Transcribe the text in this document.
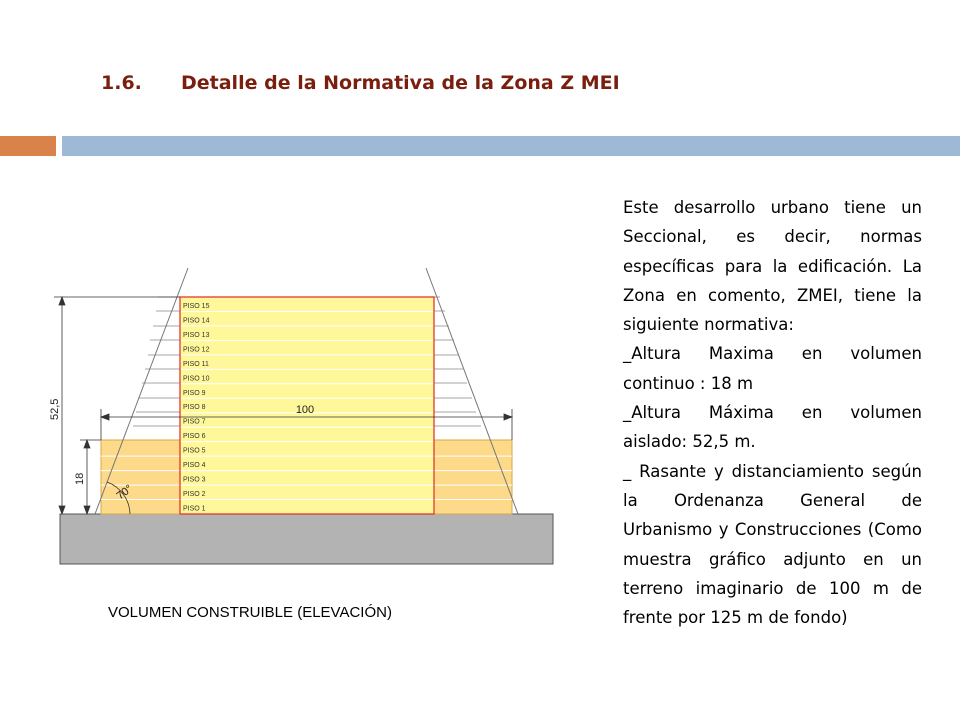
1.6. Detalle de la Normativa de la Zona Z MEI
PISO 15
PISO 14
PISO 13
PISO 12
PISO 11
PISO 10
PISO 9
PISO 8
PISO 7
PISO 6
PISO 5
PISO 4
PISO 3
PISO 2
PISO 1
52,5
18
100
70°
VOLUMEN CONSTRUIBLE (ELEVACIÓN)

Este desarrollo urbano tiene un Seccional, es decir, normas específicas para la edificación. La Zona en comento, ZMEI, tiene la siguiente normativa:

_Altura Maxima en volumen continuo : 18 m

_Altura Máxima en volumen aislado: 52,5 m.

_ Rasante y distanciamiento según la Ordenanza General de Urbanismo y Construcciones (Como muestra gráfico adjunto en un terreno imaginario de 100 m de frente por 125 m de fondo)
